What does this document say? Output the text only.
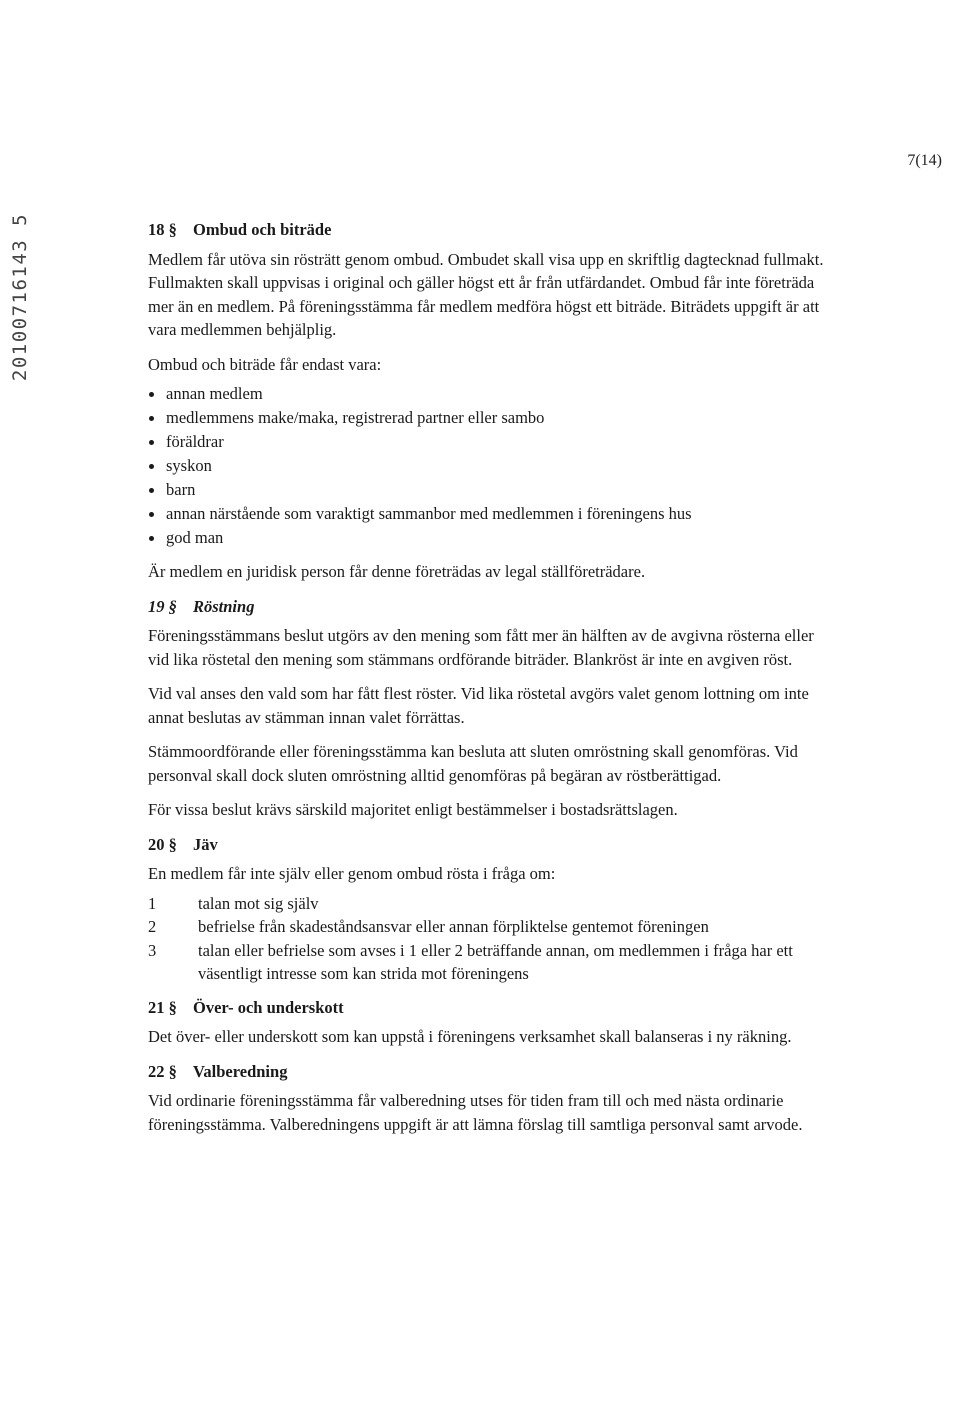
7(14)
20100716143 5	18 § Ombud och biträde

Medlem får utöva sin rösträtt genom ombud. Ombudet skall visa upp en skriftlig dagtecknad fullmakt. Fullmakten skall uppvisas i original och gäller högst ett år från utfärdandet. Ombud får inte företräda mer än en medlem. På föreningsstämma får medlem medföra högst ett biträde. Biträdets uppgift är att vara medlemmen behjälplig.

Ombud och biträde får endast vara:

annan medlem
medlemmens make/maka, registrerad partner eller sambo
föräldrar
syskon
barn
annan närstående som varaktigt sammanbor med medlemmen i föreningens hus
god man

Är medlem en juridisk person får denne företrädas av legal ställföreträdare.

19 § Röstning

Föreningsstämmans beslut utgörs av den mening som fått mer än hälften av de avgivna rösterna eller vid lika röstetal den mening som stämmans ordförande biträder. Blankröst är inte en avgiven röst.

Vid val anses den vald som har fått flest röster. Vid lika röstetal avgörs valet genom lottning om inte annat beslutas av stämman innan valet förrättas.

Stämmoordförande eller föreningsstämma kan besluta att sluten omröstning skall genomföras. Vid personval skall dock sluten omröstning alltid genomföras på begäran av röstberättigad.

För vissa beslut krävs särskild majoritet enligt bestämmelser i bostadsrättslagen.

20 § Jäv

En medlem får inte själv eller genom ombud rösta i fråga om:

1	talan mot sig själv
2	befrielse från skadeståndsansvar eller annan förpliktelse gentemot föreningen
3	talan eller befrielse som avses i 1 eller 2 beträffande annan, om medlemmen i fråga har ett väsentligt intresse som kan strida mot föreningens
21 § Över- och underskott

Det över- eller underskott som kan uppstå i föreningens verksamhet skall balanseras i ny räkning.

22 § Valberedning

Vid ordinarie föreningsstämma får valberedning utses för tiden fram till och med nästa ordinarie föreningsstämma. Valberedningens uppgift är att lämna förslag till samtliga personval samt arvode.
